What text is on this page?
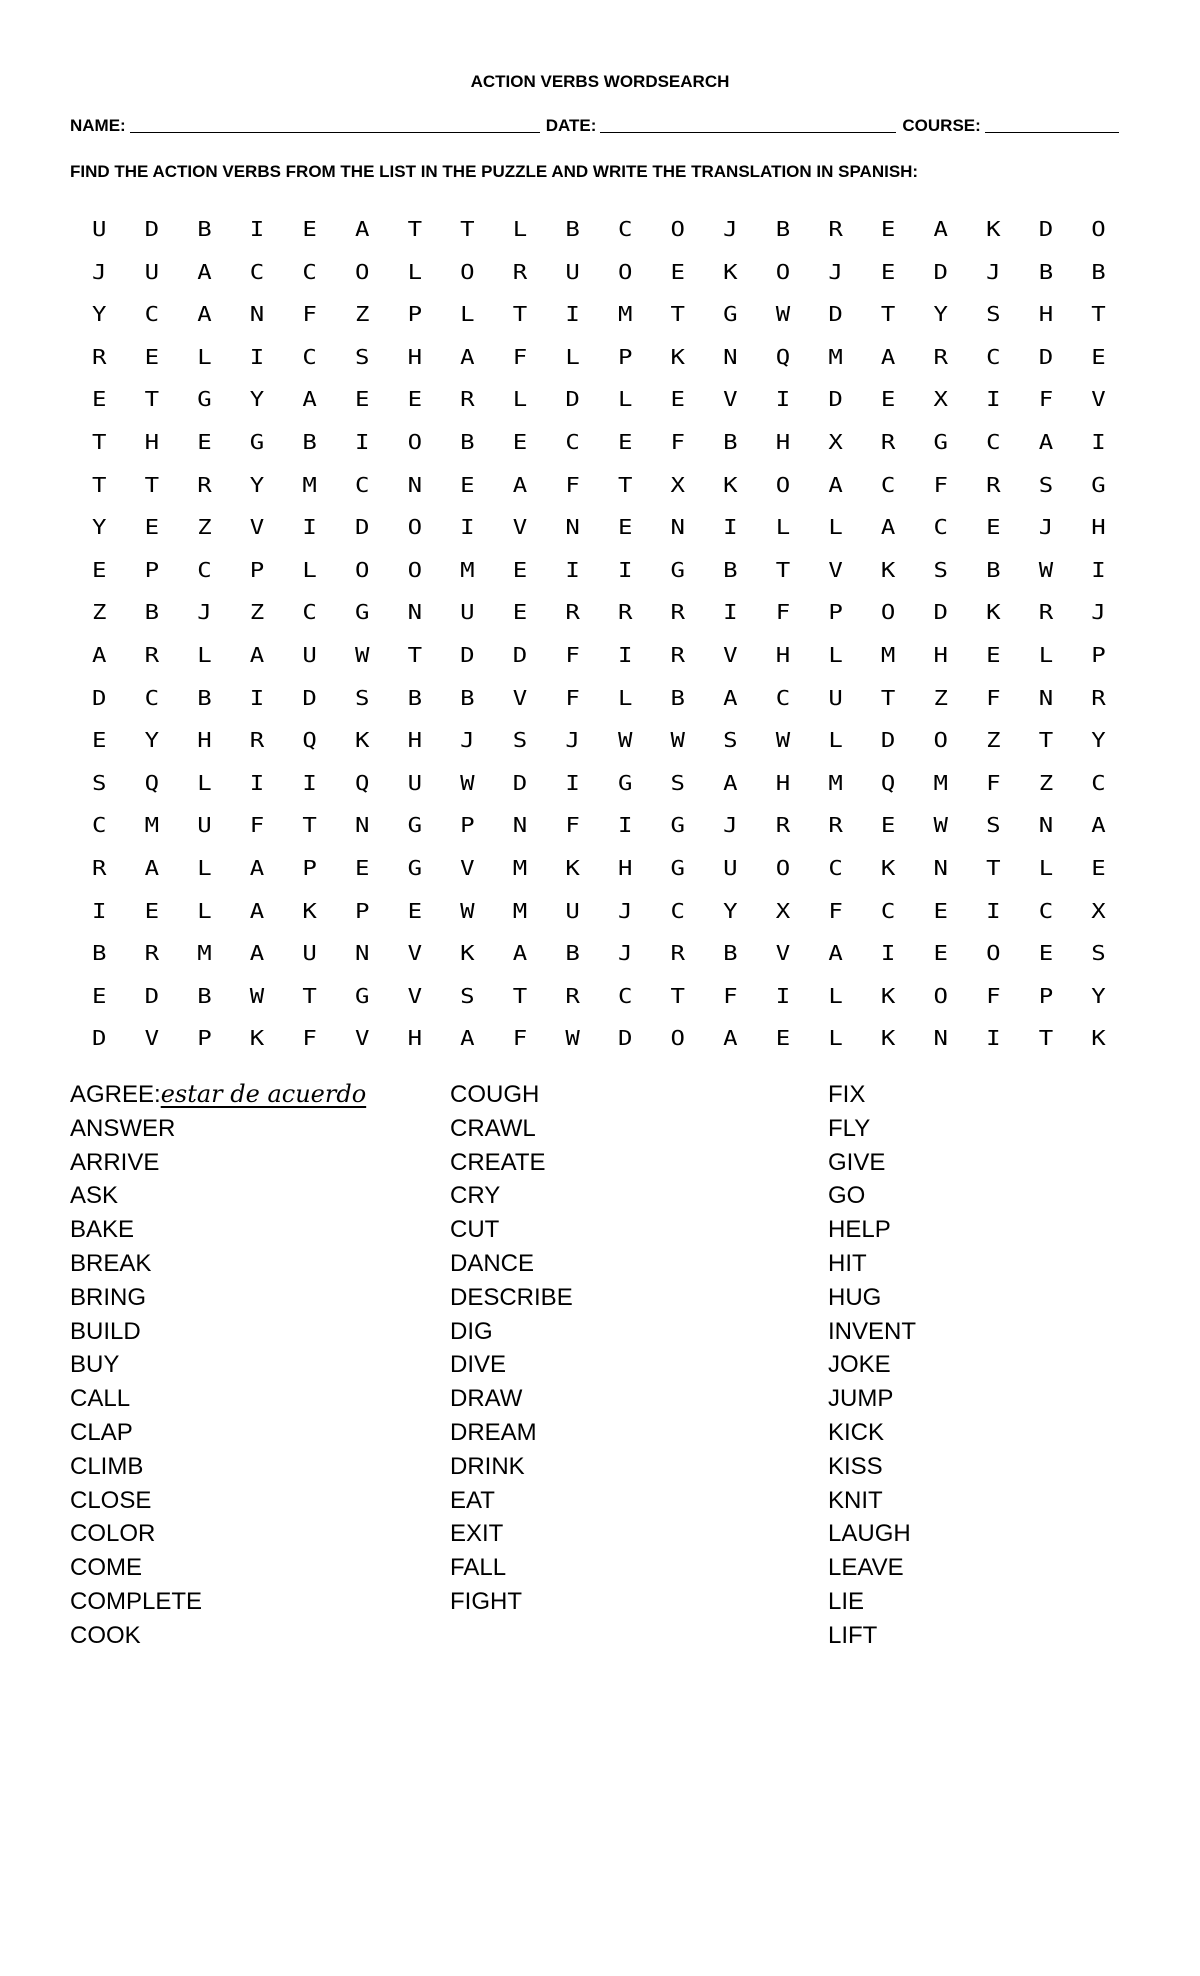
ACTION VERBS WORDSEARCH
NAME:	DATE:	COURSE:
FIND THE ACTION VERBS FROM THE LIST IN THE PUZZLE AND WRITE THE TRANSLATION IN SPANISH:
U	D	B	I	E	A	T	T	L	B	C	O	J	B	R	E	A	K	D	O
J	U	A	C	C	O	L	O	R	U	O	E	K	O	J	E	D	J	B	B
Y	C	A	N	F	Z	P	L	T	I	M	T	G	W	D	T	Y	S	H	T
R	E	L	I	C	S	H	A	F	L	P	K	N	Q	M	A	R	C	D	E
E	T	G	Y	A	E	E	R	L	D	L	E	V	I	D	E	X	I	F	V
T	H	E	G	B	I	O	B	E	C	E	F	B	H	X	R	G	C	A	I
T	T	R	Y	M	C	N	E	A	F	T	X	K	O	A	C	F	R	S	G
Y	E	Z	V	I	D	O	I	V	N	E	N	I	L	L	A	C	E	J	H
E	P	C	P	L	O	O	M	E	I	I	G	B	T	V	K	S	B	W	I
Z	B	J	Z	C	G	N	U	E	R	R	R	I	F	P	O	D	K	R	J
A	R	L	A	U	W	T	D	D	F	I	R	V	H	L	M	H	E	L	P
D	C	B	I	D	S	B	B	V	F	L	B	A	C	U	T	Z	F	N	R
E	Y	H	R	Q	K	H	J	S	J	W	W	S	W	L	D	O	Z	T	Y
S	Q	L	I	I	Q	U	W	D	I	G	S	A	H	M	Q	M	F	Z	C
C	M	U	F	T	N	G	P	N	F	I	G	J	R	R	E	W	S	N	A
R	A	L	A	P	E	G	V	M	K	H	G	U	O	C	K	N	T	L	E
I	E	L	A	K	P	E	W	M	U	J	C	Y	X	F	C	E	I	C	X
B	R	M	A	U	N	V	K	A	B	J	R	B	V	A	I	E	O	E	S
E	D	B	W	T	G	V	S	T	R	C	T	F	I	L	K	O	F	P	Y
D	V	P	K	F	V	H	A	F	W	D	O	A	E	L	K	N	I	T	K
AGREE:estar de acuerdo
ANSWER
ARRIVE
ASK
BAKE
BREAK
BRING
BUILD
BUY
CALL
CLAP
CLIMB
CLOSE
COLOR
COME
COMPLETE
COOK
COUGH
CRAWL
CREATE
CRY
CUT
DANCE
DESCRIBE
DIG
DIVE
DRAW
DREAM
DRINK
EAT
EXIT
FALL
FIGHT
FIX
FLY
GIVE
GO
HELP
HIT
HUG
INVENT
JOKE
JUMP
KICK
KISS
KNIT
LAUGH
LEAVE
LIE
LIFT
